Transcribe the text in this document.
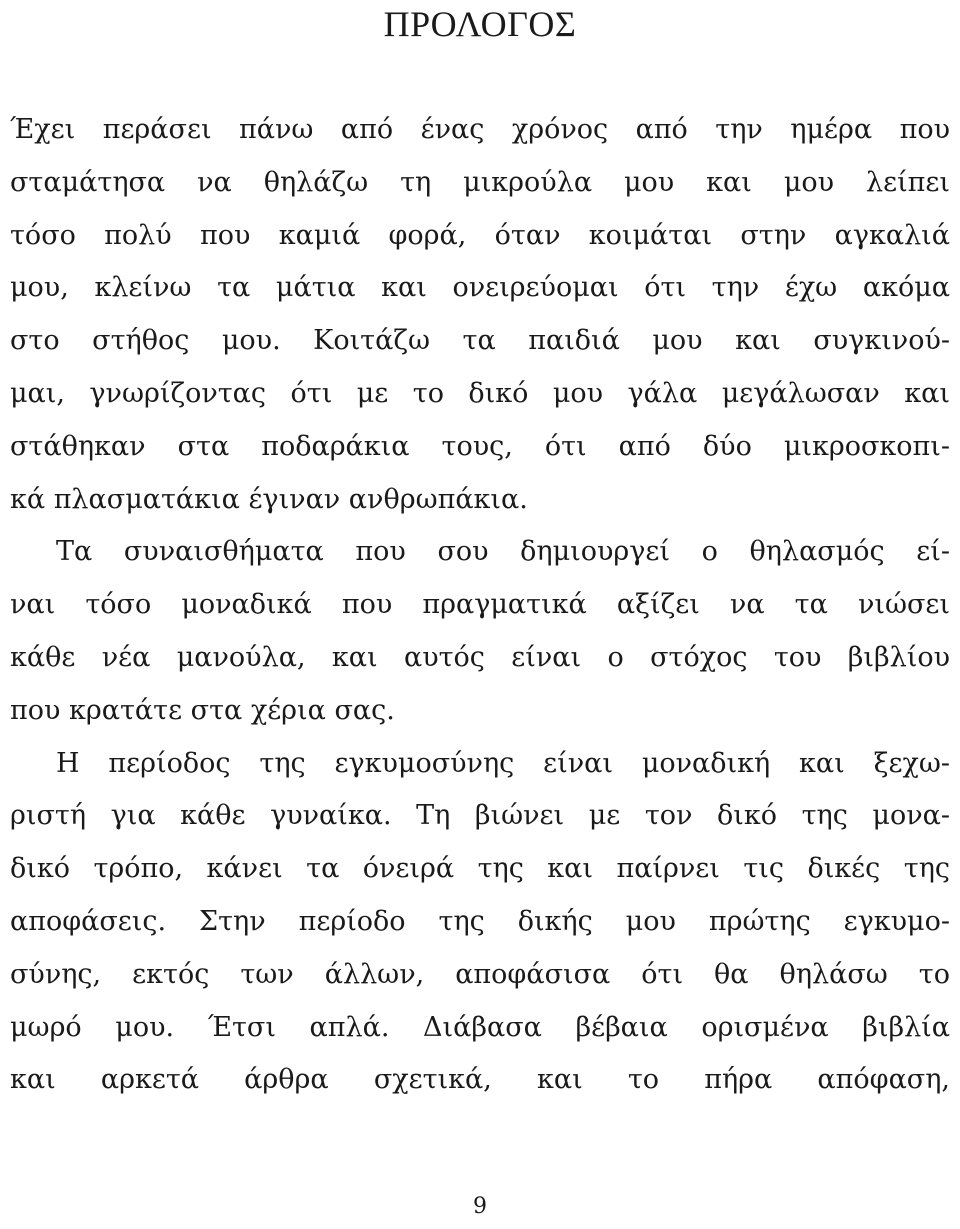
ΠΡΟΛΟΓΟΣ
Έχει περάσει πάνω από ένας χρόνος από την ημέρα που
σταμάτησα να θηλάζω τη μικρούλα μου και μου λείπει
τόσο πολύ που καμιά φορά, όταν κοιμάται στην αγκαλιά
μου, κλείνω τα μάτια και ονειρεύομαι ότι την έχω ακόμα
στο στήθος μου. Κοιτάζω τα παιδιά μου και συγκινού-
μαι, γνωρίζοντας ότι με το δικό μου γάλα μεγάλωσαν και
στάθηκαν στα ποδαράκια τους, ότι από δύο μικροσκοπι-
κά πλασματάκια έγιναν ανθρωπάκια.
Τα συναισθήματα που σου δημιουργεί ο θηλασμός εί-
ναι τόσο μοναδικά που πραγματικά αξίζει να τα νιώσει
κάθε νέα μανούλα, και αυτός είναι ο στόχος του βιβλίου
που κρατάτε στα χέρια σας.
Η περίοδος της εγκυμοσύνης είναι μοναδική και ξεχω-
ριστή για κάθε γυναίκα. Τη βιώνει με τον δικό της μονα-
δικό τρόπο, κάνει τα όνειρά της και παίρνει τις δικές της
αποφάσεις. Στην περίοδο της δικής μου πρώτης εγκυμο-
σύνης, εκτός των άλλων, αποφάσισα ότι θα θηλάσω το
μωρό μου. Έτσι απλά. Διάβασα βέβαια ορισμένα βιβλία
και αρκετά άρθρα σχετικά, και το πήρα απόφαση,
9
